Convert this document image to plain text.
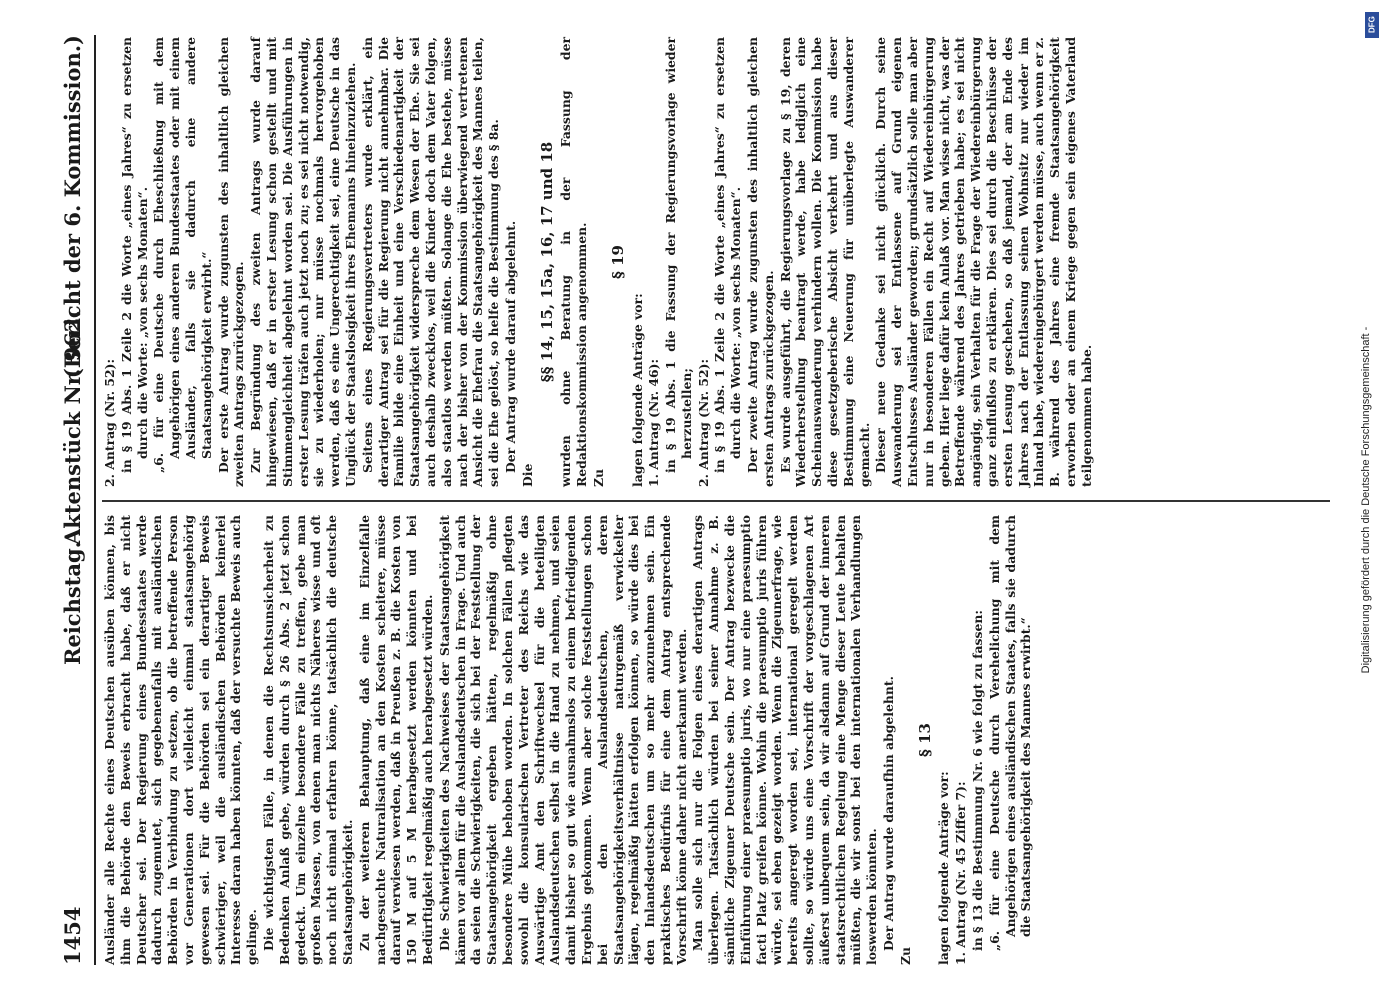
1454
Reichstag.
Aktenstück Nr. 962.
(Bericht der 6. Kommission.)

Ausländer alle Rechte eines Deutschen ausüben können, bis ihm die Behörde den Beweis erbracht habe, daß er nicht Deutscher sei. Der Regierung eines Bundesstaates werde dadurch zugemutet, sich gegebenenfalls mit ausländischen Behörden in Verbindung zu setzen, ob die betreffende Person vor Generationen dort vielleicht einmal staatsangehörig gewesen sei. Für die Behörden sei ein derartiger Beweis schwieriger, weil die ausländischen Behörden keinerlei Interesse daran haben könnten, daß der versuchte Beweis auch gelinge. Die wichtigsten Fälle, in denen die Rechtsunsicherheit zu Bedenken Anlaß gebe, würden durch § 26 Abs. 2 jetzt schon gedeckt. Um einzelne besondere Fälle zu treffen, gebe man großen Massen, von denen man nichts Näheres wisse und oft noch nicht einmal erfahren könne, tatsächlich die deutsche Staatsangehörigkeit. Zu der weiteren Behauptung, daß eine im Einzelfalle nachgesuchte Naturalisation an den Kosten scheitere, müsse darauf verwiesen werden, daß in Preußen z. B. die Kosten von 150 M auf 5 M herabgesetzt werden könnten und bei Bedürftigkeit regelmäßig auch herabgesetzt würden. Die Schwierigkeiten des Nachweises der Staatsangehörigkeit kämen vor allem für die Auslandsdeutschen in Frage. Und auch da seien die Schwierigkeiten, die sich bei der Feststellung der Staatsangehörigkeit ergeben hätten, regelmäßig ohne besondere Mühe behoben worden. In solchen Fällen pflegten sowohl die konsularischen Vertreter des Reichs wie das Auswärtige Amt den Schriftwechsel für die beteiligten Auslandsdeutschen selbst in die Hand zu nehmen, und seien damit bisher so gut wie ausnahmslos zu einem befriedigenden Ergebnis gekommen. Wenn aber solche Feststellungen schon bei den Auslandsdeutschen, deren Staatsangehörigkeitsverhältnisse naturgemäß verwickelter lägen, regelmäßig hätten erfolgen können, so würde dies bei den Inlandsdeutschen um so mehr anzunehmen sein. Ein praktisches Bedürfnis für eine dem Antrag entsprechende Vorschrift könne daher nicht anerkannt werden. Man solle sich nur die Folgen eines derartigen Antrags überlegen. Tatsächlich würden bei seiner Annahme z. B. sämtliche Zigeuner Deutsche sein. Der Antrag bezwecke die Einführung einer praesumptio juris, wo nur eine praesumptio facti Platz greifen könne. Wohin die praesumptio juris führen würde, sei eben gezeigt worden. Wenn die Zigeunerfrage, wie bereits angeregt worden sei, international geregelt werden sollte, so würde uns eine Vorschrift der vorgeschlagenen Art äußerst unbequem sein, da wir alsdann auf Grund der inneren staatsrechtlichen Regelung eine Menge dieser Leute behalten müßten, die wir sonst bei den internationalen Verhandlungen loswerden könnten. Der Antrag wurde daraufhin abgelehnt.

Zu

§ 13

lagen folgende Anträge vor: 1. Antrag (Nr. 45 Ziffer 7): in § 13 die Bestimmung Nr. 6 wie folgt zu fassen: „6. für eine Deutsche durch Verehelichung mit dem Angehörigen eines ausländischen Staates, falls sie dadurch die Staatsangehörigkeit des Mannes erwirbt.“

2. Antrag (Nr. 52): in § 19 Abs. 1 Zeile 2 die Worte „eines Jahres“ zu ersetzen durch die Worte: „von sechs Monaten“. „6. für eine Deutsche durch Eheschließung mit dem Angehörigen eines anderen Bundesstaates oder mit einem Ausländer, falls sie dadurch eine andere Staatsangehörigkeit erwirbt.“ Der erste Antrag wurde zugunsten des inhaltlich gleichen zweiten Antrags zurückgezogen. Zur Begründung des zweiten Antrags wurde darauf hingewiesen, daß er in erster Lesung schon gestellt und mit Stimmengleichheit abgelehnt worden sei. Die Ausführungen in erster Lesung träfen auch jetzt noch zu; es sei nicht notwendig, sie zu wiederholen; nur müsse nochmals hervorgehoben werden, daß es eine Ungerechtigkeit sei, eine Deutsche in das Unglück der Staatslosigkeit ihres Ehemanns hineinzuziehen. Seitens eines Regierungsvertreters wurde erklärt, ein derartiger Antrag sei für die Regierung nicht annehmbar. Die Familie bilde eine Einheit und eine Verschiedenartigkeit der Staatsangehörigkeit widerspreche dem Wesen der Ehe. Sie sei auch deshalb zwecklos, weil die Kinder doch dem Vater folgen, also staatlos werden müßten. Solange die Ehe bestehe, müsse nach der bisher von der Kommission überwiegend vertretenen Ansicht die Ehefrau die Staatsangehörigkeit des Mannes teilen, sei die Ehe gelöst, so helfe die Bestimmung des § 8a. Der Antrag wurde darauf abgelehnt.

Die

§§ 14, 15, 15a, 16, 17 und 18 wurden ohne Beratung in der Fassung der Redaktionskommission angenommen. Zu

§ 19

lagen folgende Anträge vor: 1. Antrag (Nr. 46): in § 19 Abs. 1 die Fassung der Regierungsvorlage wieder herzustellen; 2. Antrag (Nr. 52): in § 19 Abs. 1 Zeile 2 die Worte „eines Jahres“ zu ersetzen durch die Worte: „von sechs Monaten“. Der zweite Antrag wurde zugunsten des inhaltlich gleichen ersten Antrags zurückgezogen. Es wurde ausgeführt, die Regierungsvorlage zu § 19, deren Wiederherstellung beantragt werde, habe lediglich eine Scheinauswanderung verhindern wollen. Die Kommission habe diese gesetzgeberische Absicht verkehrt und aus dieser Bestimmung eine Neuerung für unüberlegte Auswanderer gemacht. Dieser neue Gedanke sei nicht glücklich. Durch seine Auswanderung sei der Entlassene auf Grund eigenen Entschlusses Ausländer geworden; grundsätzlich solle man aber nur in besonderen Fällen ein Recht auf Wiedereinbürgerung geben. Hier liege dafür kein Anlaß vor. Man wisse nicht, was der Betreffende während des Jahres getrieben habe; es sei nicht angängig, sein Verhalten für die Frage der Wiedereinbürgerung ganz einflußlos zu erklären. Dies sei durch die Beschlüsse der ersten Lesung geschehen, so daß jemand, der am Ende des Jahres nach der Entlassung seinen Wohnsitz nur wieder im Inland habe, wiedereingebürgert werden müsse, auch wenn er z. B. während des Jahres eine fremde Staatsangehörigkeit erworben oder an einem Kriege gegen sein eigenes Vaterland teilgenommen habe.

DFG
Digitalisierung gefördert durch die Deutsche Forschungsgemeinschaft -
